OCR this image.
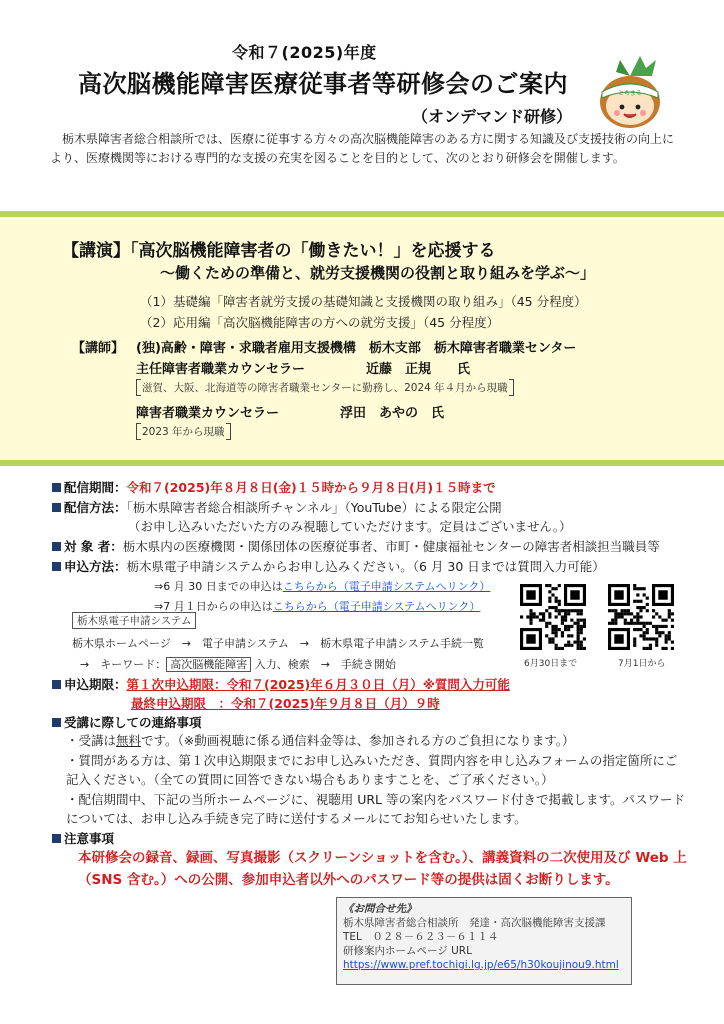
令和７(2025)年度
高次脳機能障害医療従事者等研修会のご案内
（オンデマンド研修）
とちまる
栃木県障害者総合相談所では、医療に従事する方々の高次脳機能障害のある方に関する知識及び支援技術の向上により、医療機関等における専門的な支援の充実を図ることを目的として、次のとおり研修会を開催します。
【講演】「高次脳機能障害者の「働きたい！」を応援する
～働くための準備と、就労支援機関の役割と取り組みを学ぶ～」
（1）基礎編「障害者就労支援の基礎知識と支援機関の取り組み」（45 分程度）
（2）応用編「高次脳機能障害の方への就労支援」（45 分程度）
【講師】 (独)高齢・障害・求職者雇用支援機構　栃木支部　栃木障害者職業センター
主任障害者職業カウンセラー	近藤　正規　　氏
滋賀、大阪、北海道等の障害者職業センターに勤務し、2024 年４月から現職
障害者職業カウンセラー	浮田　あやの　氏
2023 年から現職
配信期間：令和７(2025)年８月８日(金)１５時から９月８日(月)１５時まで
配信方法：「栃木県障害者総合相談所チャンネル」（YouTube）による限定公開
（お申し込みいただいた方のみ視聴していただけます。定員はございません。）
対 象 者：栃木県内の医療機関・関係団体の医療従事者、市町・健康福祉センターの障害者相談担当職員等
申込方法：栃木県電子申請システムからお申し込みください。（6 月 30 日までは質問入力可能）
⇒6 月 30 日までの申込はこちらから（電子申請システムへリンク）
⇒7 月１日からの申込はこちらから（電子申請システムへリンク）
栃木県電子申請システム
栃木県ホームページ　→　電子申請システム　→　栃木県電子申請システム手続一覧
→　キーワード： 高次脳機能障害 入力、検索　→　手続き開始	6月30日まで	7月1日から
申込期限：第１次申込期限：令和７(2025)年６月３０日（月）※質問入力可能
最終申込期限　：令和７(2025)年９月８日（月）９時
受講に際しての連絡事項
・受講は無料です。（※動画視聴に係る通信料金等は、参加される方のご負担になります。）
・質問がある方は、第１次申込期限までにお申し込みいただき、質問内容を申し込みフォームの指定箇所にご記入ください。（全ての質問に回答できない場合もありますことを、ご了承ください。）
・配信期間中、下記の当所ホームページに、視聴用 URL 等の案内をパスワード付きで掲載します。パスワードについては、お申し込み手続き完了時に送付するメールにてお知らせいたします。
注意事項
本研修会の録音、録画、写真撮影（スクリーンショットを含む。）、講義資料の二次使用及び Web 上（SNS 含む。）への公開、参加申込者以外へのパスワード等の提供は固くお断りします。
《お問合せ先》
栃木県障害者総合相談所　発達・高次脳機能障害支援課
TEL　０２８－６２３－６１１４
研修案内ホームページ URL
https://www.pref.tochigi.lg.jp/e65/h30koujinou9.html
